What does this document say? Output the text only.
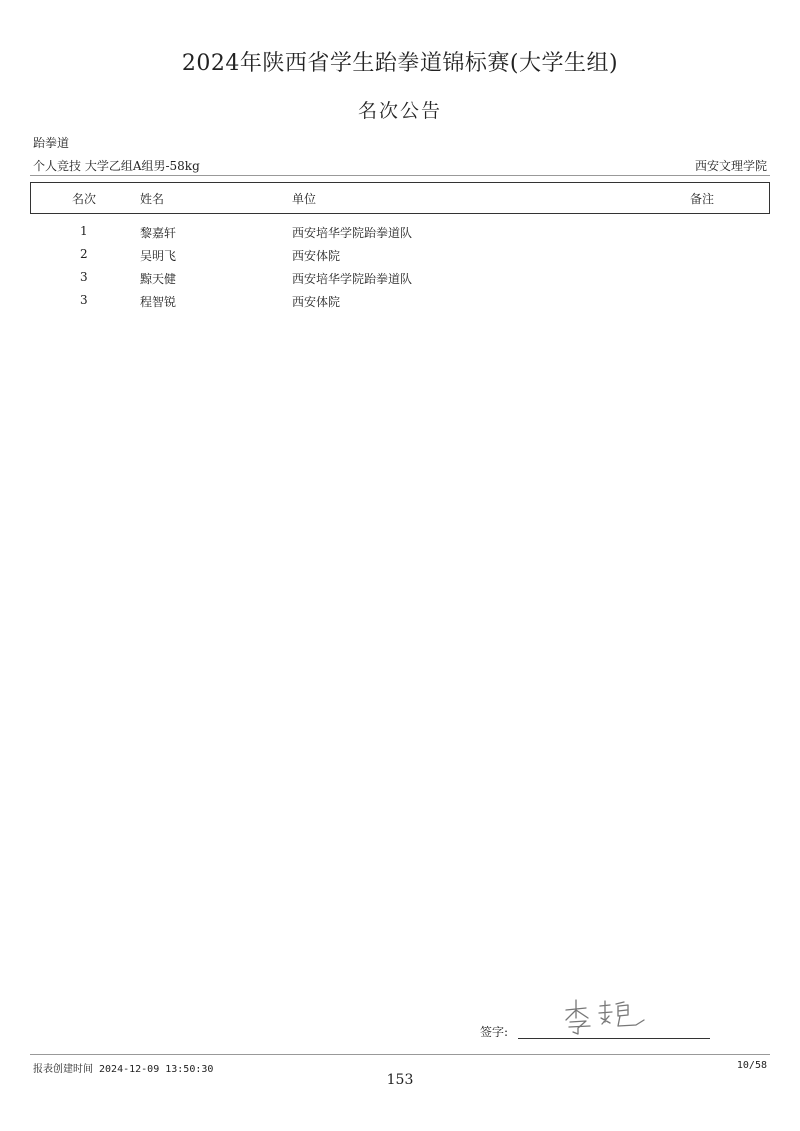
2024年陕西省学生跆拳道锦标赛(大学生组)
名次公告
跆拳道
个人竞技 大学乙组A组男-58kg	西安文理学院
名次	姓名	单位	备注
1	黎嘉轩	西安培华学院跆拳道队
2	吴明飞	西安体院
3	黥天健	西安培华学院跆拳道队
3	程智锐	西安体院
签字:
报表创建时间 2024-12-09 13:50:30	10/58
153
